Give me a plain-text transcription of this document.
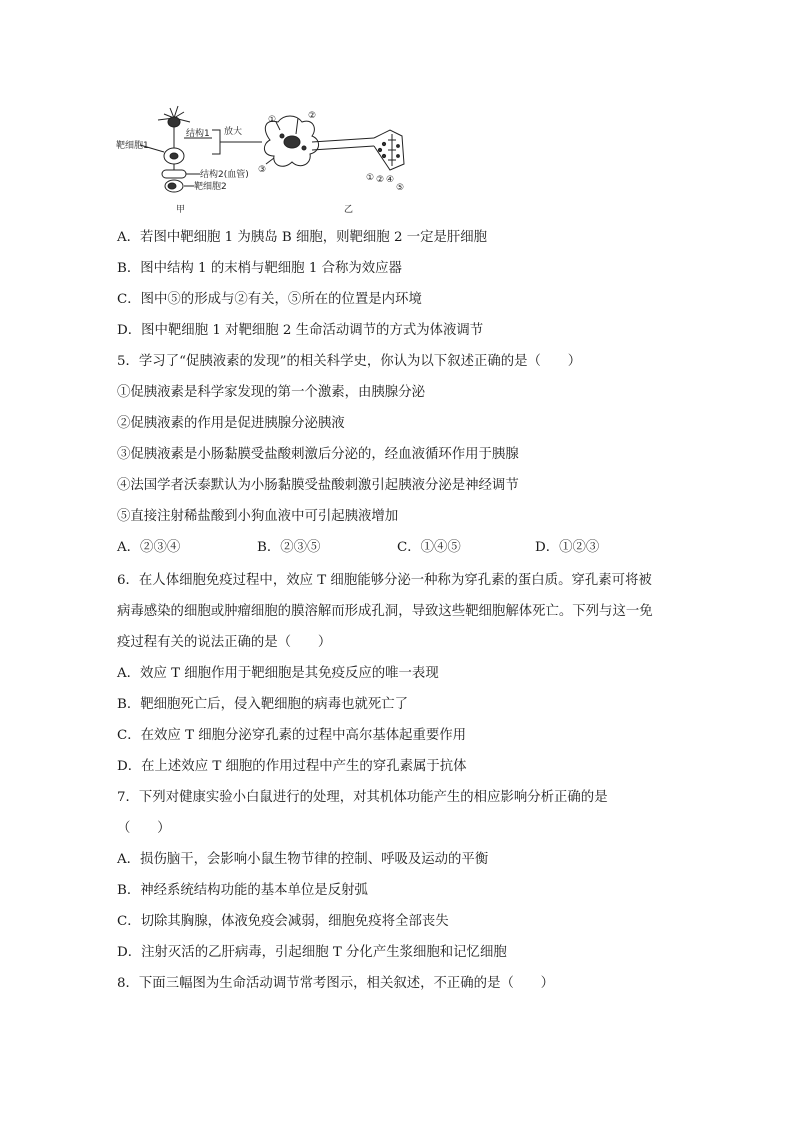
靶细胞1
结构1 放大
结构2(血管)
靶细胞2
甲	乙
①	②
③
① ② ④
⑤
A．若图中靶细胞 1 为胰岛 B 细胞，则靶细胞 2 一定是肝细胞
B．图中结构 1 的末梢与靶细胞 1 合称为效应器
C．图中⑤的形成与②有关，⑤所在的位置是内环境
D．图中靶细胞 1 对靶细胞 2 生命活动调节的方式为体液调节
5．学习了“促胰液素的发现”的相关科学史，你认为以下叙述正确的是（　　）
①促胰液素是科学家发现的第一个激素，由胰腺分泌
②促胰液素的作用是促进胰腺分泌胰液
③促胰液素是小肠黏膜受盐酸刺激后分泌的，经血液循环作用于胰腺
④法国学者沃泰默认为小肠黏膜受盐酸刺激引起胰液分泌是神经调节
⑤直接注射稀盐酸到小狗血液中可引起胰液增加
A．②③④	B．②③⑤	C．①④⑤	D．①②③
6．在人体细胞免疫过程中，效应 T 细胞能够分泌一种称为穿孔素的蛋白质。穿孔素可将被
病毒感染的细胞或肿瘤细胞的膜溶解而形成孔洞，导致这些靶细胞解体死亡。下列与这一免
疫过程有关的说法正确的是（　　）
A．效应 T 细胞作用于靶细胞是其免疫反应的唯一表现
B．靶细胞死亡后，侵入靶细胞的病毒也就死亡了
C．在效应 T 细胞分泌穿孔素的过程中高尔基体起重要作用
D．在上述效应 T 细胞的作用过程中产生的穿孔素属于抗体
7．下列对健康实验小白鼠进行的处理，对其机体功能产生的相应影响分析正确的是
（　　）
A．损伤脑干，会影响小鼠生物节律的控制、呼吸及运动的平衡
B．神经系统结构功能的基本单位是反射弧
C．切除其胸腺，体液免疫会减弱，细胞免疫将全部丧失
D．注射灭活的乙肝病毒，引起细胞 T 分化产生浆细胞和记忆细胞
8．下面三幅图为生命活动调节常考图示，相关叙述，不正确的是（　　）
